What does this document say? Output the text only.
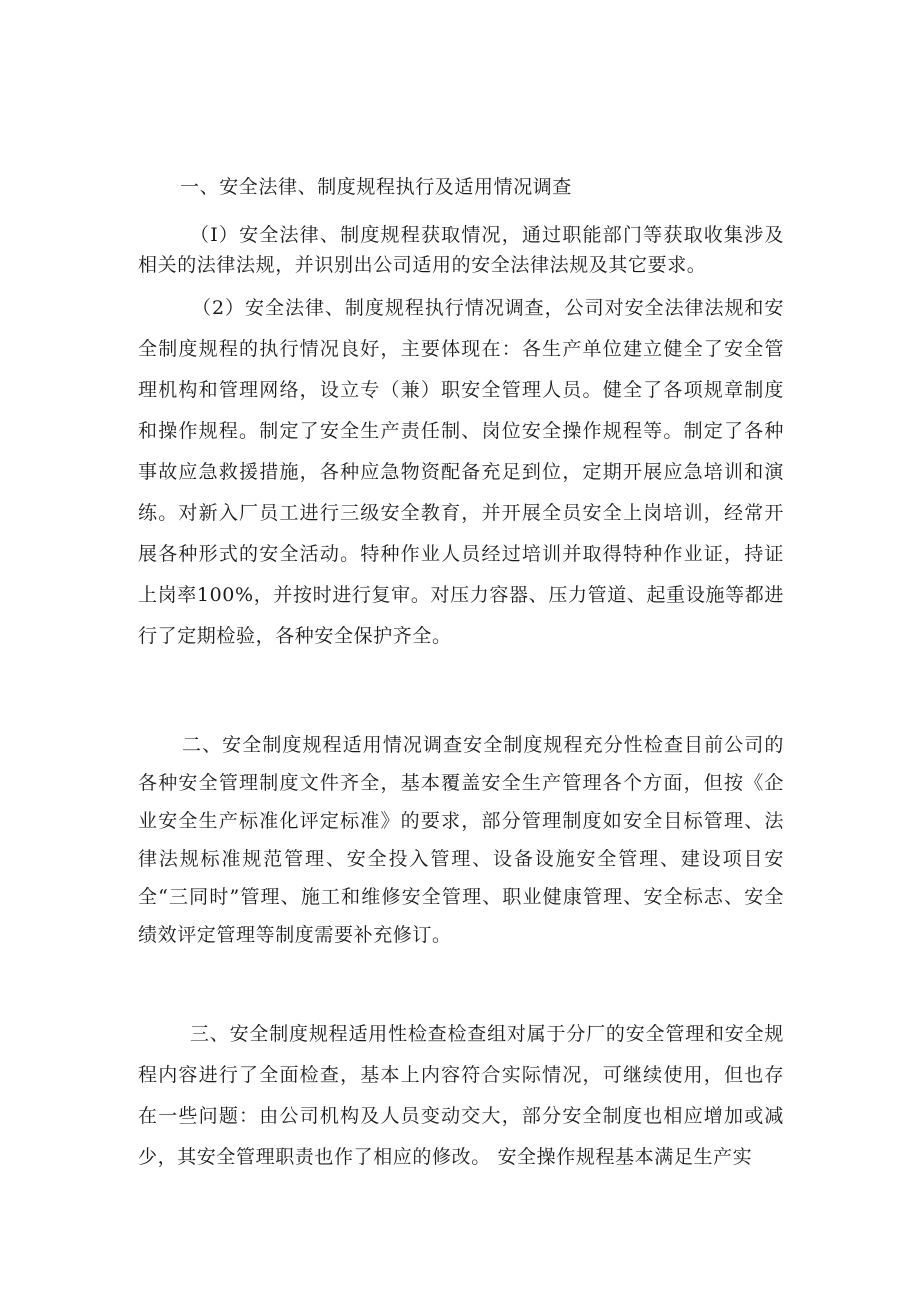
一、安全法律、制度规程执行及适用情况调查

（I）安全法律、制度规程获取情况，通过职能部门等获取收集涉及相关的法律法规，并识别出公司适用的安全法律法规及其它要求。

（2）安全法律、制度规程执行情况调查，公司对安全法律法规和安全制度规程的执行情况良好，主要体现在：各生产单位建立健全了安全管理机构和管理网络，设立专（兼）职安全管理人员。健全了各项规章制度和操作规程。制定了安全生产责任制、岗位安全操作规程等。制定了各种事故应急救援措施，各种应急物资配备充足到位，定期开展应急培训和演练。对新入厂员工进行三级安全教育，并开展全员安全上岗培训，经常开展各种形式的安全活动。特种作业人员经过培训并取得特种作业证，持证上岗率100%，并按时进行复审。对压力容器、压力管道、起重设施等都进行了定期检验，各种安全保护齐全。

二、安全制度规程适用情况调查安全制度规程充分性检查目前公司的各种安全管理制度文件齐全，基本覆盖安全生产管理各个方面，但按《企业安全生产标准化评定标准》的要求，部分管理制度如安全目标管理、法律法规标准规范管理、安全投入管理、设备设施安全管理、建设项目安全“三同时”管理、施工和维修安全管理、职业健康管理、安全标志、安全绩效评定管理等制度需要补充修订。

三、安全制度规程适用性检查检查组对属于分厂的安全管理和安全规程内容进行了全面检查，基本上内容符合实际情况，可继续使用，但也存在一些问题：由公司机构及人员变动交大，部分安全制度也相应增加或减少，其安全管理职责也作了相应的修改。 安全操作规程基本满足生产实
